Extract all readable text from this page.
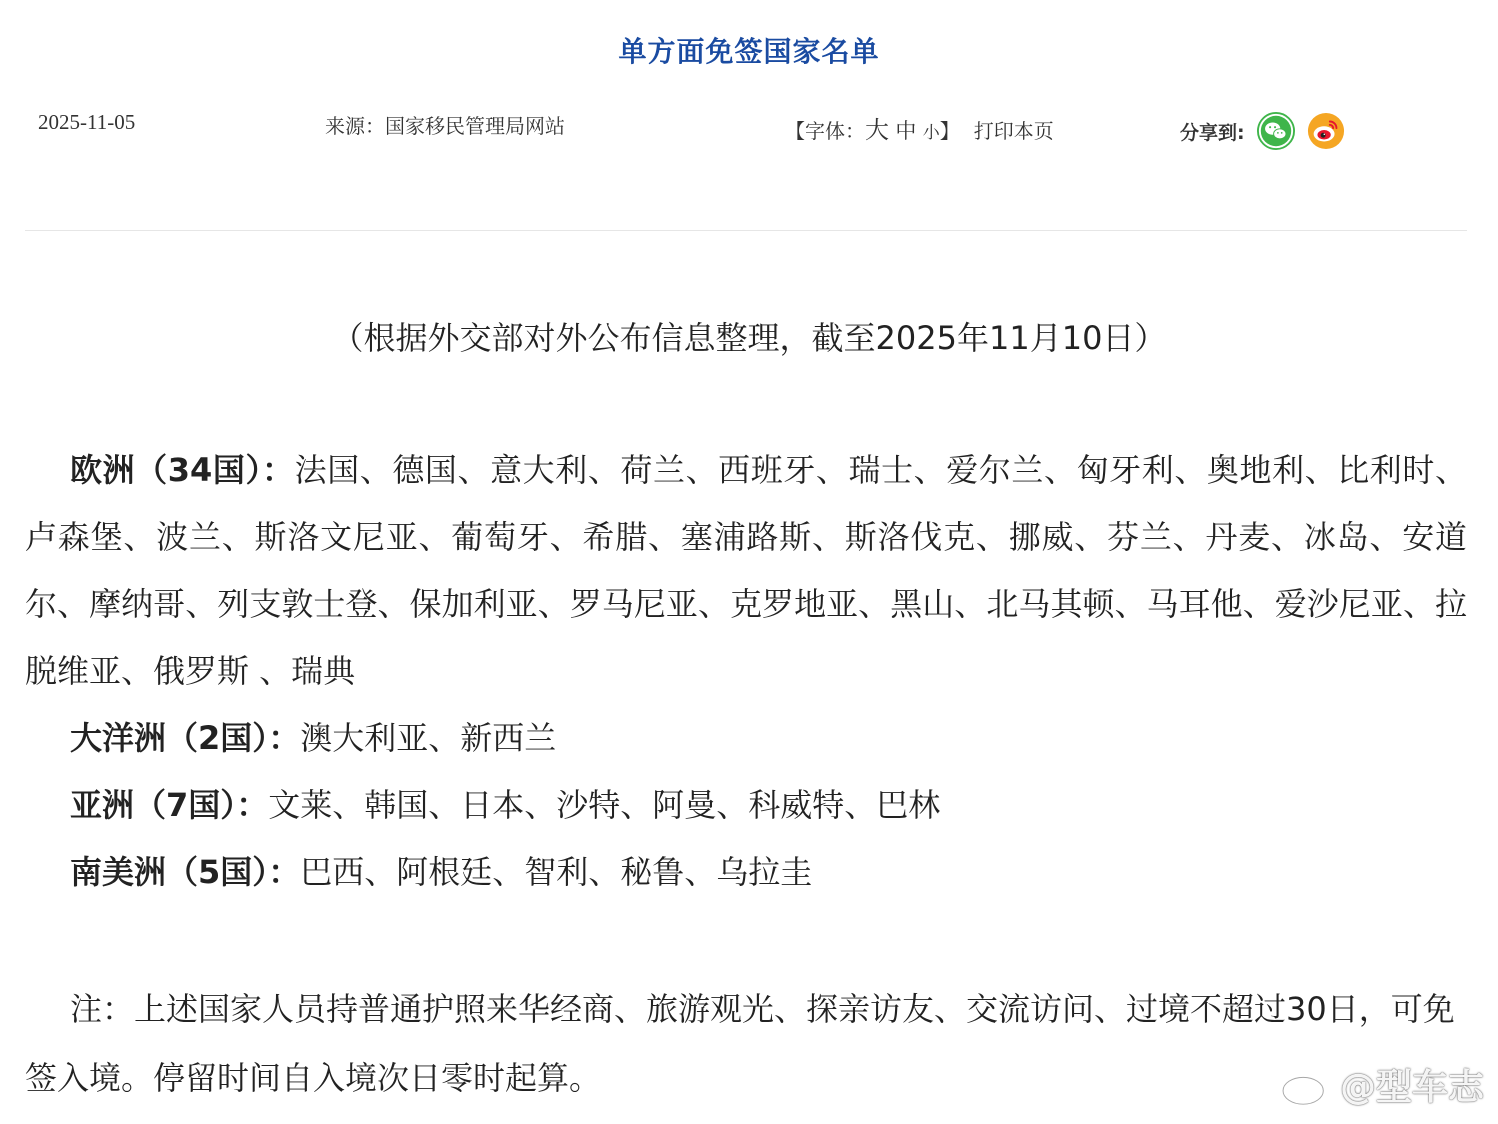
单方面免签国家名单
2025-11-05	来源：国家移民管理局网站	【字体：大 中 小】 打印本页	分享到:
（根据外交部对外公布信息整理，截至2025年11月10日）

欧洲（34国）：法国、德国、意大利、荷兰、西班牙、瑞士、爱尔兰、匈牙利、奥地利、比利时、卢森堡、波兰、斯洛文尼亚、葡萄牙、希腊、塞浦路斯、斯洛伐克、挪威、芬兰、丹麦、冰岛、安道尔、摩纳哥、列支敦士登、保加利亚、罗马尼亚、克罗地亚、黑山、北马其顿、马耳他、爱沙尼亚、拉脱维亚、俄罗斯 、瑞典

大洋洲（2国）：澳大利亚、新西兰

亚洲（7国）：文莱、韩国、日本、沙特、阿曼、科威特、巴林

南美洲（5国）：巴西、阿根廷、智利、秘鲁、乌拉圭

注：上述国家人员持普通护照来华经商、旅游观光、探亲访友、交流访问、过境不超过30日，可免签入境。停留时间自入境次日零时起算。	@型车志
